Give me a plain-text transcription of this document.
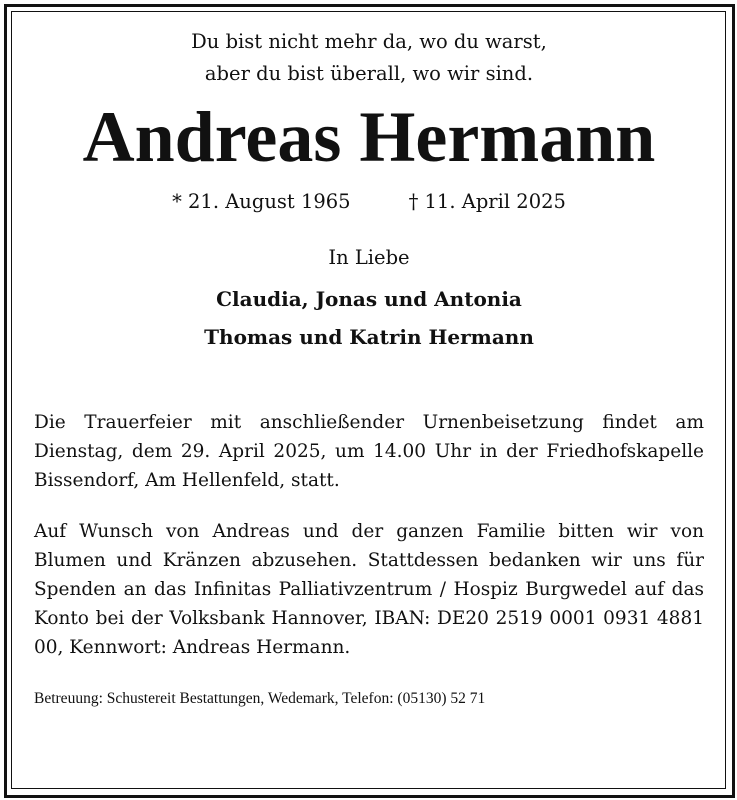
Du bist nicht mehr da, wo du warst,
aber du bist überall, wo wir sind.

Andreas Hermann
* 21. August 1965	† 11. April 2025

In Liebe

Claudia, Jonas und Antonia
Thomas und Katrin Hermann

Die Trauerfeier mit anschließender Urnenbeisetzung findet am Dienstag, dem 29. April 2025, um 14.00 Uhr in der Friedhofskapelle Bissendorf, Am Hellenfeld, statt.

Auf Wunsch von Andreas und der ganzen Familie bitten wir von Blumen und Kränzen abzusehen. Stattdessen bedanken wir uns für Spenden an das Infinitas Palliativzentrum / Hospiz Burgwedel auf das Konto bei der Volksbank Hannover, IBAN: DE20 2519 0001 0931 4881 00, Kennwort: Andreas Hermann.

Betreuung: Schustereit Bestattungen, Wedemark, Telefon: (05130) 52 71
